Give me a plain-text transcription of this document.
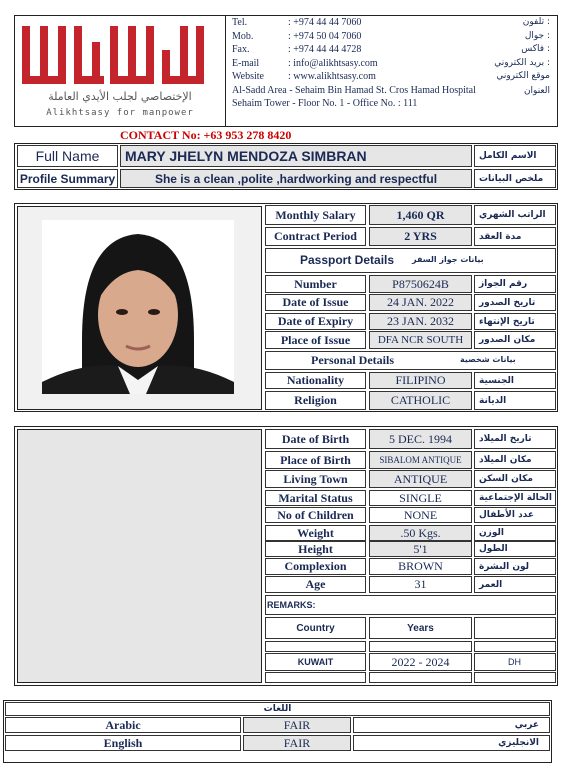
الإختصاصي لجلب الأيدي العاملة
Alikhtsasy for manpower
Tel.	: +974 44 44 7060	تلفون :
Mob.	: +974 50 04 7060	جوال :
Fax.	: +974 44 44 4728	فاكس :
E-mail	: info@alikhtsasy.com	بريد الكتروني :
Website : www.alikhtsasy.com	موقع الكتروني
Al-Sadd Area - Sehaim Bin Hamad St. Cros Hamad Hospital	العنوان
Sehaim Tower - Floor No. 1 - Office No. : 111
CONTACT No: +63 953 278 8420
Full Name	MARY JHELYN MENDOZA SIMBRAN	الاسم الكامل
Profile Summary	She is a clean ,polite ,hardworking and respectful	ملخص البيانات
Monthly Salary	1,460 QR	الراتب الشهري
Contract Period	2 YRS	مدة العقد
Passport Details بيانات جواز السفر
Number	P8750624B	رقم الجواز
Date of Issue	24 JAN. 2022	تاريخ الصدور
Date of Expiry	23 JAN. 2032	تاريخ الإنتهاء
Place of Issue	DFA NCR SOUTH	مكان الصدور
Personal Details	بيانات شخصية
Nationality	FILIPINO	الجنسية
Religion	CATHOLIC	الديانة
Date of Birth	5 DEC. 1994	تاريخ الميلاد
Place of Birth	SIBALOM ANTIQUE	مكان الميلاد
Living Town	ANTIQUE	مكان السكن
Marital Status	SINGLE	الحالة الإجتماعية
No of Children	NONE	عدد الأطفال
Weight	.50 Kgs.	الوزن
Height	5'1	الطول
Complexion	BROWN	لون البشرة
Age	31	العمر
REMARKS:
Country	Years
KUWAIT	2022 - 2024	DH
اللغات
Arabic	FAIR	عربي
English	FAIR	الانجليزي
